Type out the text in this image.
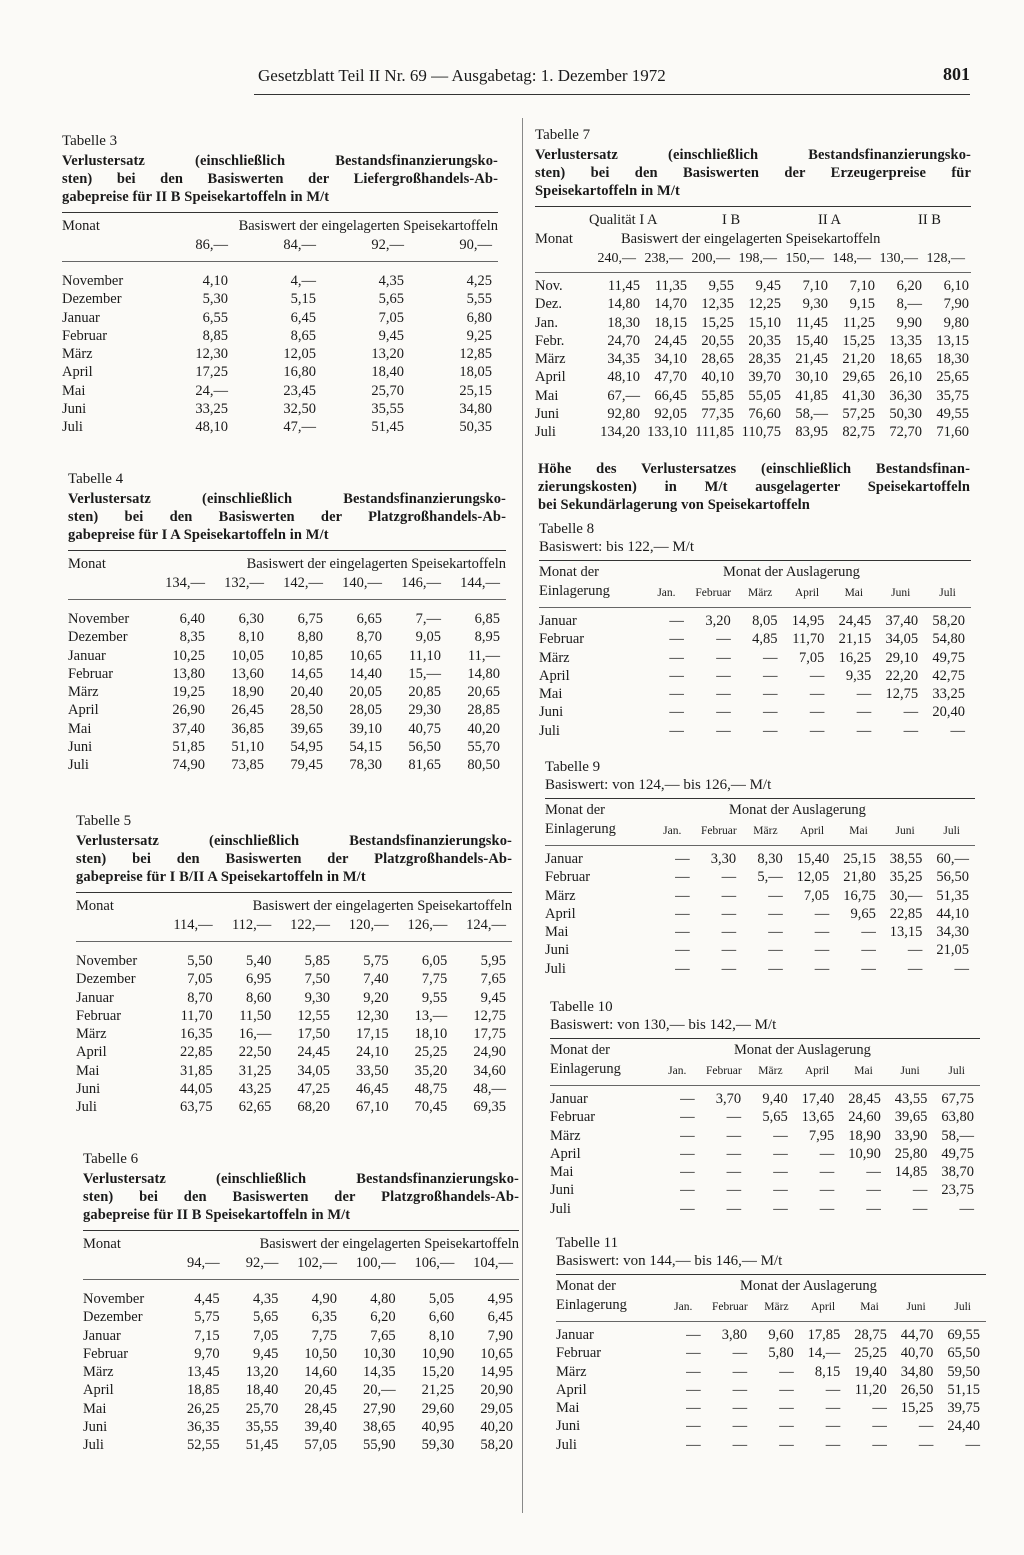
Gesetzblatt Teil II Nr. 69 — Ausgabetag: 1. Dezember 1972	801
Tabelle 3
Verlustersatz (einschließlich Bestandsfinanzierungsko-
sten) bei den Basiswerten der Liefergroßhandels-Ab-
gabepreise für II B Speisekartoffeln in M/t
Monat	Basiswert der eingelagerten Speisekartoffeln
86,—	84,—	92,—	90,—
November	4,10	4,—	4,35	4,25
Dezember	5,30	5,15	5,65	5,55
Januar	6,55	6,45	7,05	6,80
Februar	8,85	8,65	9,45	9,25
März	12,30	12,05	13,20	12,85
April	17,25	16,80	18,40	18,05
Mai	24,—	23,45	25,70	25,15
Juni	33,25	32,50	35,55	34,80
Juli	48,10	47,—	51,45	50,35
Tabelle 4
Verlustersatz (einschließlich Bestandsfinanzierungsko-
sten) bei den Basiswerten der Platzgroßhandels-Ab-
gabepreise für I A Speisekartoffeln in M/t
Monat	Basiswert der eingelagerten Speisekartoffeln
134,—	132,—	142,—	140,—	146,—	144,—
November	6,40	6,30	6,75	6,65	7,—	6,85
Dezember	8,35	8,10	8,80	8,70	9,05	8,95
Januar	10,25	10,05	10,85	10,65	11,10	11,—
Februar	13,80	13,60	14,65	14,40	15,—	14,80
März	19,25	18,90	20,40	20,05	20,85	20,65
April	26,90	26,45	28,50	28,05	29,30	28,85
Mai	37,40	36,85	39,65	39,10	40,75	40,20
Juni	51,85	51,10	54,95	54,15	56,50	55,70
Juli	74,90	73,85	79,45	78,30	81,65	80,50
Tabelle 5
Verlustersatz (einschließlich Bestandsfinanzierungsko-
sten) bei den Basiswerten der Platzgroßhandels-Ab-
gabepreise für I B/II A Speisekartoffeln in M/t
Monat	Basiswert der eingelagerten Speisekartoffeln
114,—	112,—	122,—	120,—	126,—	124,—
November	5,50	5,40	5,85	5,75	6,05	5,95
Dezember	7,05	6,95	7,50	7,40	7,75	7,65
Januar	8,70	8,60	9,30	9,20	9,55	9,45
Februar	11,70	11,50	12,55	12,30	13,—	12,75
März	16,35	16,—	17,50	17,15	18,10	17,75
April	22,85	22,50	24,45	24,10	25,25	24,90
Mai	31,85	31,25	34,05	33,50	35,20	34,60
Juni	44,05	43,25	47,25	46,45	48,75	48,—
Juli	63,75	62,65	68,20	67,10	70,45	69,35
Tabelle 6
Verlustersatz (einschließlich Bestandsfinanzierungsko-
sten) bei den Basiswerten der Platzgroßhandels-Ab-
gabepreise für II B Speisekartoffeln in M/t
Monat	Basiswert der eingelagerten Speisekartoffeln
94,—	92,—	102,—	100,—	106,—	104,—
November	4,45	4,35	4,90	4,80	5,05	4,95
Dezember	5,75	5,65	6,35	6,20	6,60	6,45
Januar	7,15	7,05	7,75	7,65	8,10	7,90
Februar	9,70	9,45	10,50	10,30	10,90	10,65
März	13,45	13,20	14,60	14,35	15,20	14,95
April	18,85	18,40	20,45	20,—	21,25	20,90
Mai	26,25	25,70	28,45	27,90	29,60	29,05
Juni	36,35	35,55	39,40	38,65	40,95	40,20
Juli	52,55	51,45	57,05	55,90	59,30	58,20
Tabelle 7
Verlustersatz (einschließlich Bestandsfinanzierungsko-
sten) bei den Basiswerten der Erzeugerpreise für
Speisekartoffeln in M/t
Qualität I A	I B	II A	II B
Monat	Basiswert der eingelagerten Speisekartoffeln
240,— 238,— 200,— 198,— 150,— 148,— 130,— 128,—
Nov.	11,45	11,35	9,55	9,45	7,10	7,10	6,20	6,10
Dez.	14,80	14,70	12,35	12,25	9,30	9,15	8,—	7,90
Jan.	18,30	18,15	15,25	15,10	11,45	11,25	9,90	9,80
Febr.	24,70	24,45	20,55	20,35	15,40	15,25	13,35	13,15
März	34,35	34,10	28,65	28,35	21,45	21,20	18,65	18,30
April	48,10	47,70	40,10	39,70	30,10	29,65	26,10	25,65
Mai	67,—	66,45	55,85	55,05	41,85	41,30	36,30	35,75
Juni	92,80	92,05	77,35	76,60	58,—	57,25	50,30	49,55
Juli	134,20	133,10	111,85	110,75	83,95	82,75	72,70	71,60
Höhe des Verlustersatzes (einschließlich Bestandsfinan-
zierungskosten) in M/t ausgelagerter Speisekartoffeln
bei Sekundärlagerung von Speisekartoffeln
Tabelle 8
Basiswert: bis 122,— M/t
Monat der	Monat der Auslagerung
Einlagerung	Jan.	Februar	März	April	Mai	Juni	Juli
Januar	—	3,20	8,05	14,95	24,45	37,40	58,20
Februar	—	—	4,85	11,70	21,15	34,05	54,80
März	—	—	—	7,05	16,25	29,10	49,75
April	—	—	—	—	9,35	22,20	42,75
Mai	—	—	—	—	—	12,75	33,25
Juni	—	—	—	—	—	—	20,40
Juli	—	—	—	—	—	—	—
Tabelle 9
Basiswert: von 124,— bis 126,— M/t
Monat der	Monat der Auslagerung
Einlagerung	Jan.	Februar	März	April	Mai	Juni	Juli
Januar	—	3,30	8,30	15,40	25,15	38,55	60,—
Februar	—	—	5,—	12,05	21,80	35,25	56,50
März	—	—	—	7,05	16,75	30,—	51,35
April	—	—	—	—	9,65	22,85	44,10
Mai	—	—	—	—	—	13,15	34,30
Juni	—	—	—	—	—	—	21,05
Juli	—	—	—	—	—	—	—
Tabelle 10
Basiswert: von 130,— bis 142,— M/t
Monat der	Monat der Auslagerung
Einlagerung	Jan.	Februar	März	April	Mai	Juni	Juli
Januar	—	3,70	9,40	17,40	28,45	43,55	67,75
Februar	—	—	5,65	13,65	24,60	39,65	63,80
März	—	—	—	7,95	18,90	33,90	58,—
April	—	—	—	—	10,90	25,80	49,75
Mai	—	—	—	—	—	14,85	38,70
Juni	—	—	—	—	—	—	23,75
Juli	—	—	—	—	—	—	—
Tabelle 11
Basiswert: von 144,— bis 146,— M/t
Monat der	Monat der Auslagerung
Einlagerung	Jan.	Februar	März	April	Mai	Juni	Juli
Januar	—	3,80	9,60	17,85	28,75	44,70	69,55
Februar	—	—	5,80	14,—	25,25	40,70	65,50
März	—	—	—	8,15	19,40	34,80	59,50
April	—	—	—	—	11,20	26,50	51,15
Mai	—	—	—	—	—	15,25	39,75
Juni	—	—	—	—	—	—	24,40
Juli	—	—	—	—	—	—	—
